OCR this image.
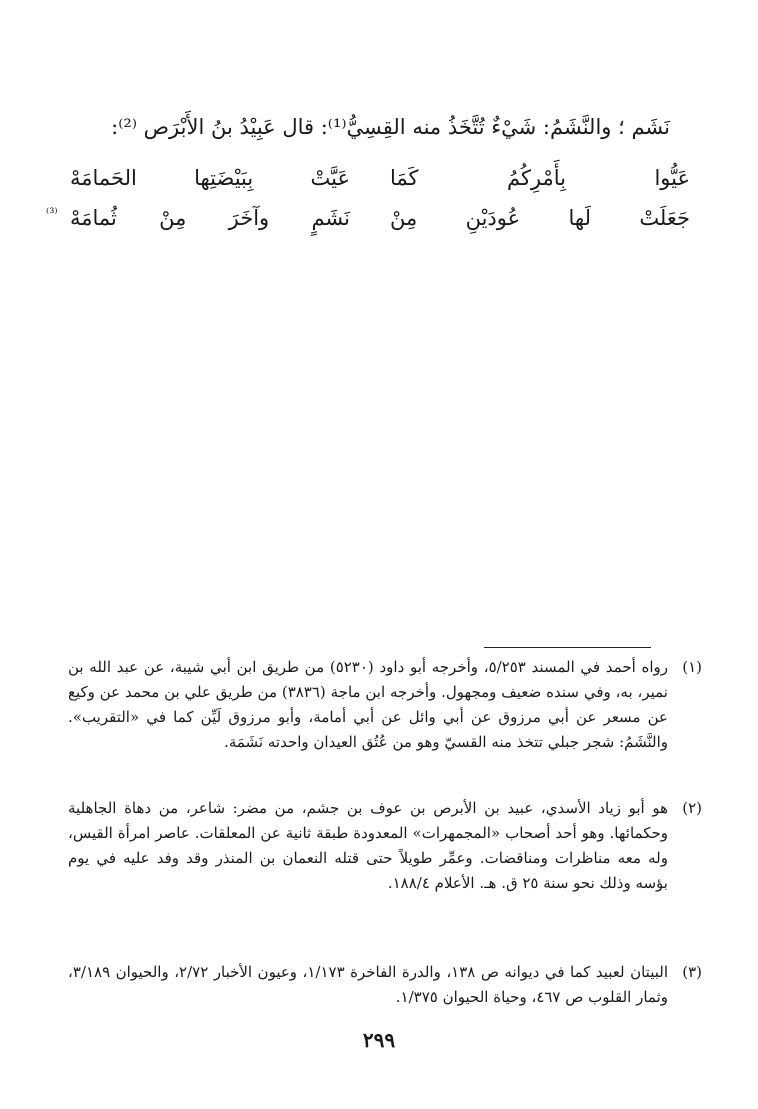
نَشَم ؛ والنَّشَمُ: شَيْءٌ تُتَّخَذُ منه القِسِيُّ⁽¹⁾: قال عَبِيْدُ بنُ الأَبْرَص ⁽²⁾:
عَيُّوا بِأَمْرِكُمُ كَمَا
عَيَّتْ بِبَيْضَتِها الحَمامَهْ
جَعَلَتْ لَها عُودَيْنِ مِنْ
نَشَمٍ وآخَرَ مِنْ ثُمامَهْ
⁽³⁾
(١)
رواه أحمد في المسند ٥/٢٥٣، وأخرجه أبو داود (٥٢٣٠) من طريق ابن أبي شيبة، عن عبد الله بن نمير، به، وفي سنده ضعيف ومجهول. وأخرجه ابن ماجة (٣٨٣٦) من طريق علي بن محمد عن وكيع عن مسعر عن أبي مرزوق عن أبي وائل عن أبي أمامة، وأبو مرزوق لَيِّن كما في «التقريب». والنَّشَمُ: شجر جبلي تتخذ منه القسيّ وهو من عُتُق العيدان واحدته نَشَمَة.
(٢)
هو أبو زياد الأسدي، عبيد بن الأبرص بن عوف بن جشم، من مضر: شاعر، من دهاة الجاهلية وحكمائها. وهو أحد أصحاب «المجمهرات» المعدودة طبقة ثانية عن المعلقات. عاصر امرأة القيس، وله معه مناظرات ومناقضات. وعمِّر طويلاً حتى قتله النعمان بن المنذر وقد وفد عليه في يوم بؤسه وذلك نحو سنة ٢٥ ق. هـ. الأعلام ١٨٨/٤.
(٣)
البيتان لعبيد كما في ديوانه ص ١٣٨، والدرة الفاخرة ١/١٧٣، وعيون الأخبار ٢/٧٢، والحيوان ٣/١٨٩، وثمار القلوب ص ٤٦٧، وحياة الحيوان ١/٣٧٥.
٢٩٩
